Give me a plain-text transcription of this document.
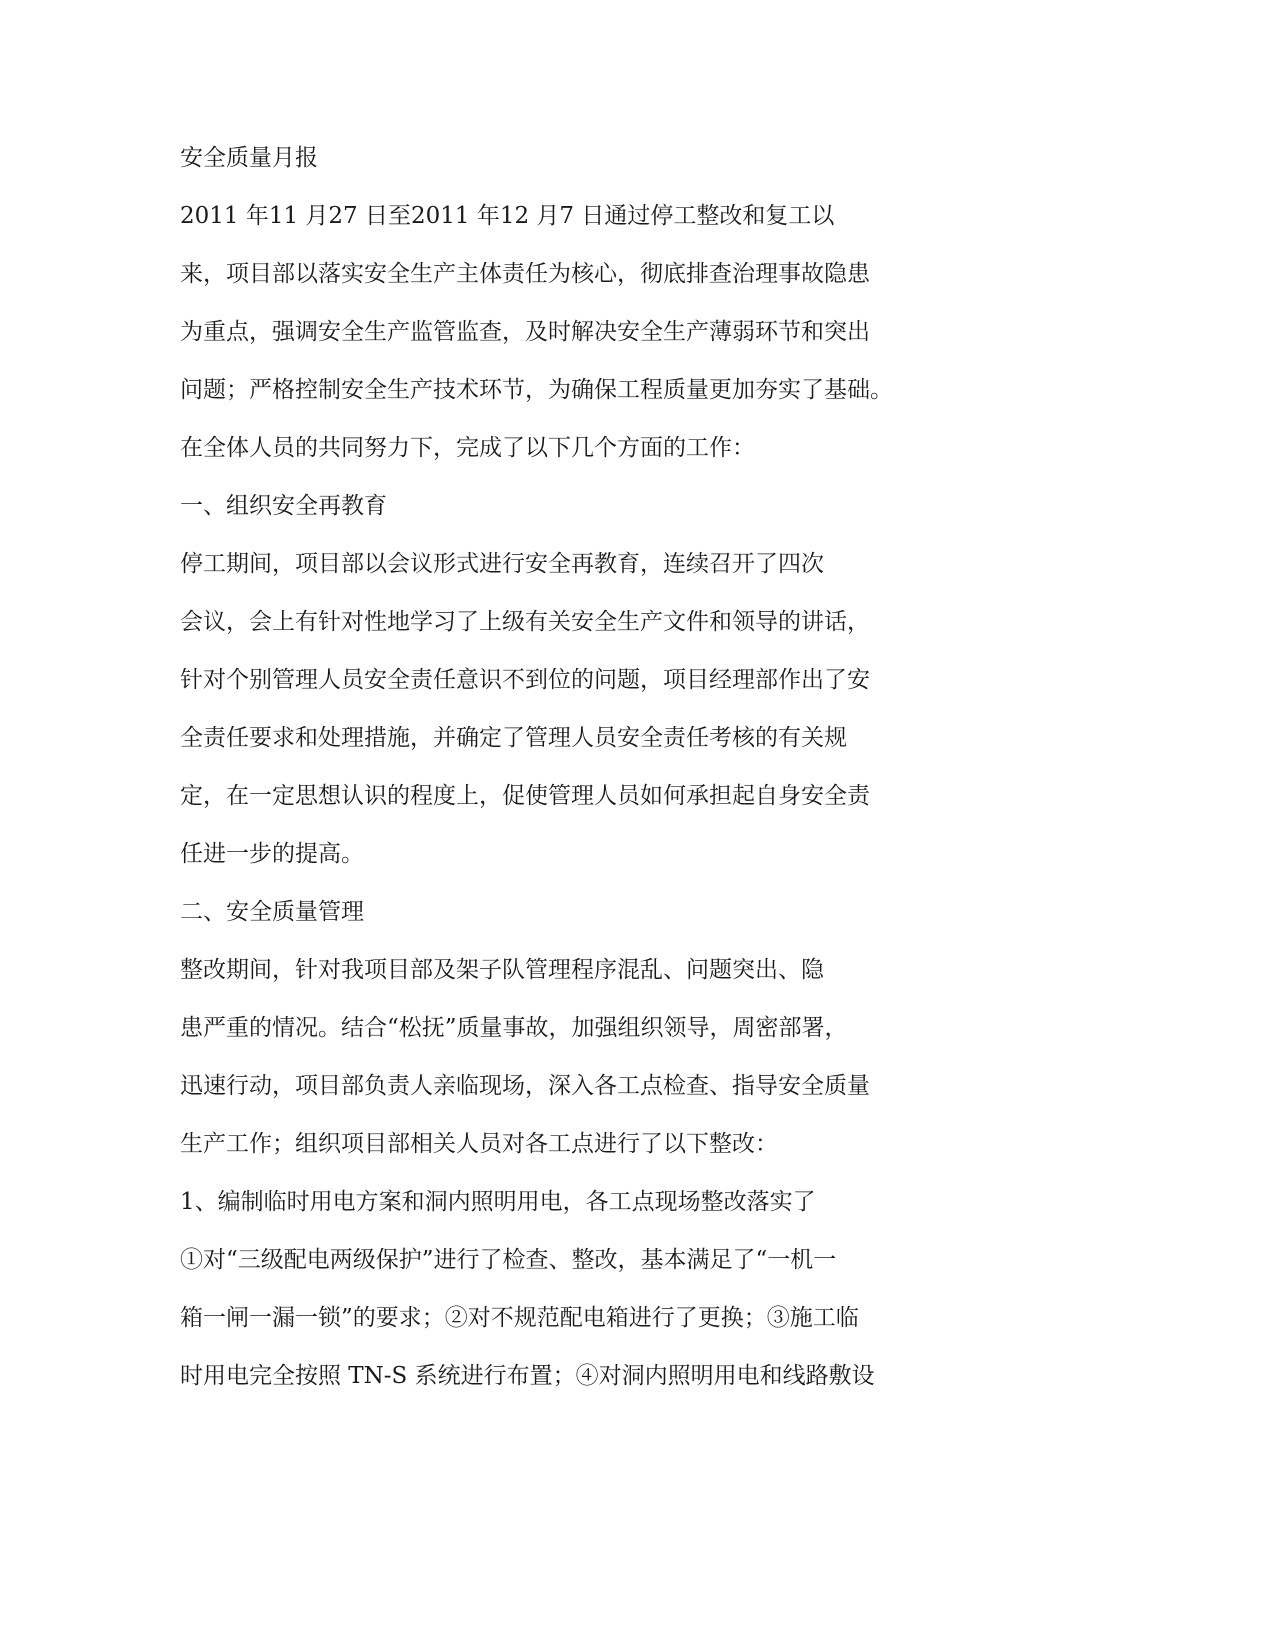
安全质量月报

2011 年11 月27 日至2011 年12 月7 日通过停工整改和复工以

来，项目部以落实安全生产主体责任为核心，彻底排查治理事故隐患

为重点，强调安全生产监管监查，及时解决安全生产薄弱环节和突出

问题；严格控制安全生产技术环节，为确保工程质量更加夯实了基础。

在全体人员的共同努力下，完成了以下几个方面的工作：

一、组织安全再教育

停工期间，项目部以会议形式进行安全再教育，连续召开了四次

会议，会上有针对性地学习了上级有关安全生产文件和领导的讲话，

针对个别管理人员安全责任意识不到位的问题，项目经理部作出了安

全责任要求和处理措施，并确定了管理人员安全责任考核的有关规

定，在一定思想认识的程度上，促使管理人员如何承担起自身安全责

任进一步的提高。

二、安全质量管理

整改期间，针对我项目部及架子队管理程序混乱、问题突出、隐

患严重的情况。结合“松抚”质量事故，加强组织领导，周密部署，

迅速行动，项目部负责人亲临现场，深入各工点检查、指导安全质量

生产工作；组织项目部相关人员对各工点进行了以下整改：

1、编制临时用电方案和洞内照明用电，各工点现场整改落实了

①对“三级配电两级保护”进行了检查、整改，基本满足了“一机一

箱一闸一漏一锁”的要求；②对不规范配电箱进行了更换；③施工临

时用电完全按照 TN-S 系统进行布置；④对洞内照明用电和线路敷设
